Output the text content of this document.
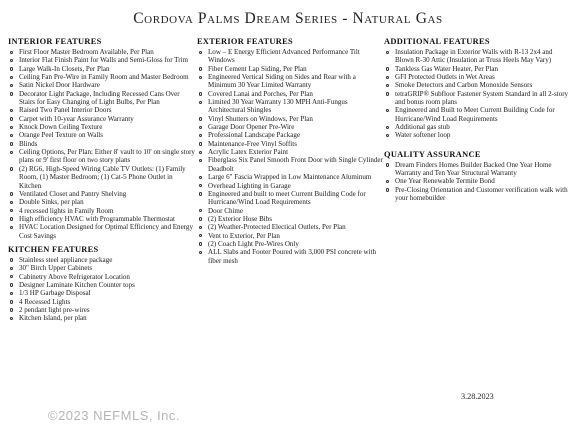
Cordova Palms Dream Series - Natural Gas
INTERIOR FEATURES
First Floor Master Bedroom Available, Per Plan
Interior Flat Finish Paint for Walls and Semi-Gloss for Trim
Large Walk-In Closets, Per Plan
Ceiling Fan Pre-Wire in Family Room and Master Bedroom
Satin Nickel Door Hardware
Decorator Light Package, Including Recessed Cans Over Stairs for Easy Changing of Light Bulbs, Per Plan
Raised Two Panel Interior Doors
Carpet with 10-year Assurance Warranty
Knock Down Ceiling Texture
Orange Peel Texture on Walls
Blinds
Ceiling Options, Per Plan: Either 8' vault to 10' on single story plans or 9' first floor on two story plans
(2) RG6, High-Speed Wiring Cable TV Outlets: (1) Family Room, (1) Master Bedroom; (1) Cat-5 Phone Outlet in Kitchen
Ventilated Closet and Pantry Shelving
Double Sinks, per plan
4 recessed lights in Family Room
High efficiency HVAC with Programmable Thermostat
HVAC Location Designed for Optimal Efficiency and Energy Cost Savings
KITCHEN FEATURES
Stainless steel appliance package
30" Birch Upper Cabinets
Cabinetry Above Refrigerator Location
Designer Laminate Kitchen Counter tops
1/3 HP Garbage Disposal
4 Recessed Lights
2 pendant light pre-wires
Kitchen Island, per plan
EXTERIOR FEATURES
Low – E Energy Efficient Advanced Performance Tilt Windows
Fiber Cement Lap Siding, Per Plan
Engineered Vertical Siding on Sides and Rear with a Minimum 30 Year Limited Warranty
Covered Lanai and Porches, Per Plan
Limited 30 Year Warranty 130 MPH Anti-Fungus Architectural Shingles
Vinyl Shutters on Windows, Per Plan
Garage Door Opener Pre-Wire
Professional Landscape Package
Maintenance-Free Vinyl Soffits
Acrylic Latex Exterior Paint
Fiberglass Six Panel Smooth Front Door with Single Cylinder Deadbolt
Large 6" Fascia Wrapped in Low Maintenance Aluminum
Overhead Lighting in Garage
Engineered and built to meet Current Building Code for Hurricane/Wind Load Requirements
Door Chime
(2) Exterior Hose Bibs
(2) Weather-Protected Electical Outlets, Per Plan
Vent to Exterior, Per Plan
(2) Coach Light Pre-Wires Only
ALL Slabs and Footer Poured with 3,000 PSI concrete with fiber mesh
ADDITIONAL FEATURES
Insulation Package in Exterior Walls with R-13 2x4 and Blown R-30 Attic (Insulation at Truss Heels May Vary)
Tankless Gas Water Heater, Per Plan
GFI Protected Outlets in Wet Areas
Smoke Detectors and Carbon Monoxide Sensors
tetraGRIP® Subfloor Fastener System Standard in all 2-story and bonus room plans
Engineered and Built to Meet Current Building Code for Hurricane/Wind Load Requirements
Additional gas stub
Water softener loop
QUALITY ASSURANCE
Dream Finders Homes Builder Backed One Year Home Warranty and Ten Year Structural Warranty
One Year Renewable Termite Bond
Pre-Closing Orientation and Customer verification walk with your homebuilder
3.28.2023
©2023 NEFMLS, Inc.
